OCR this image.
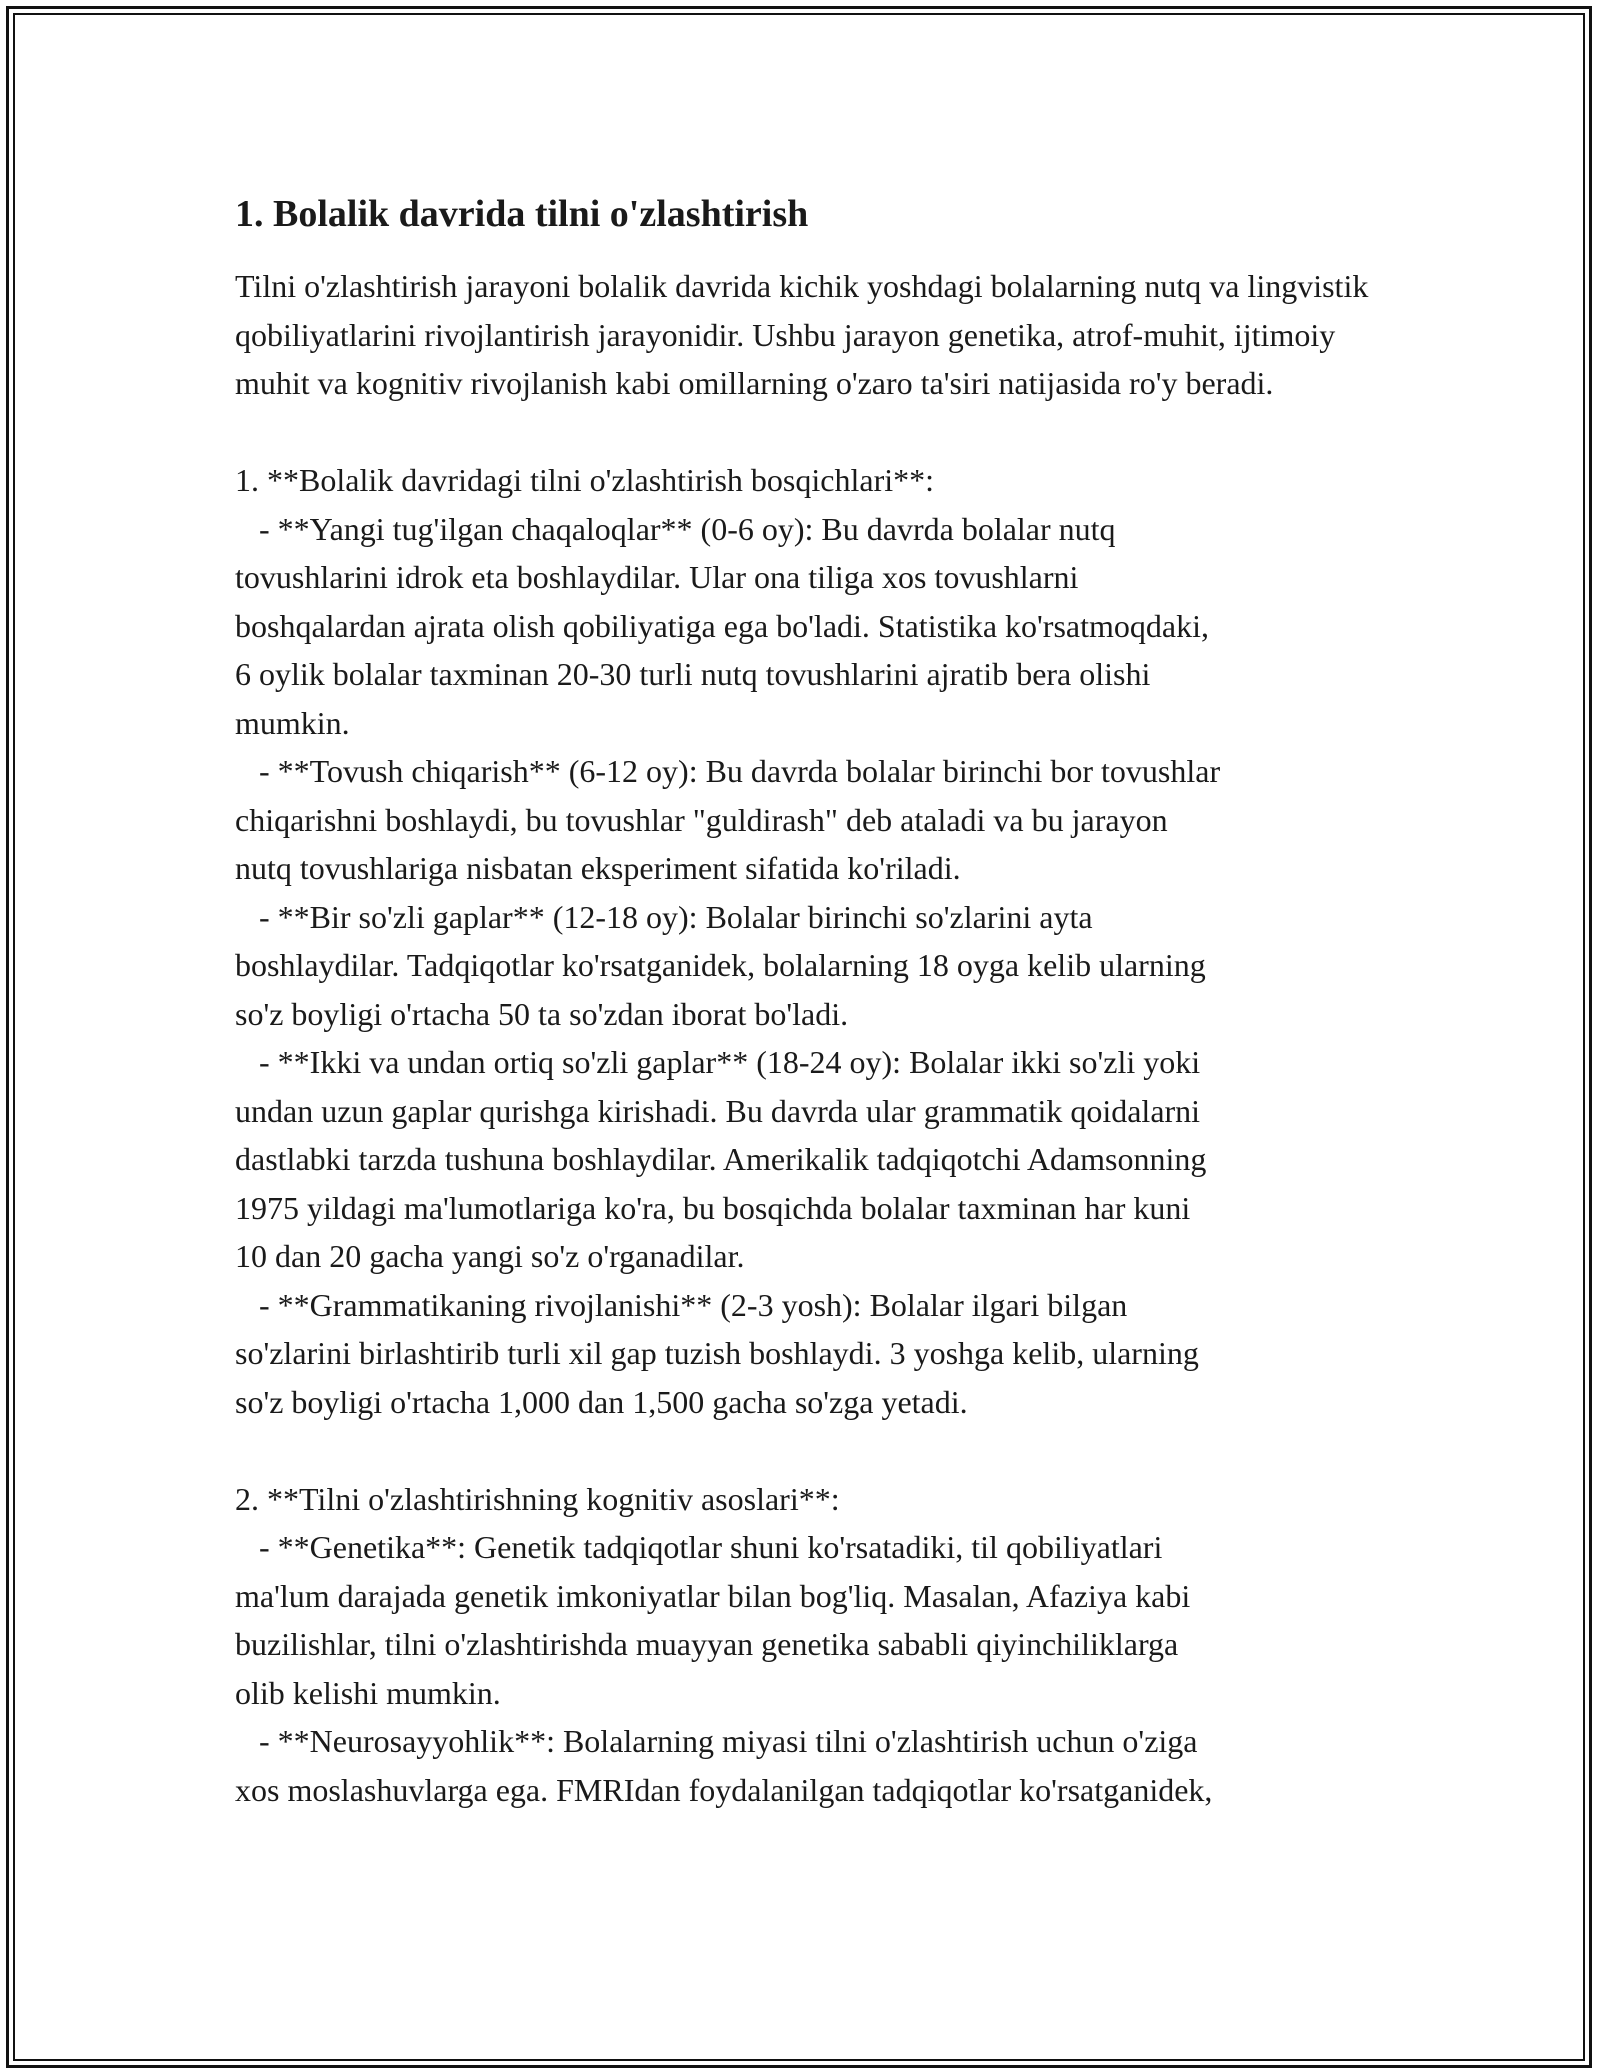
1. Bolalik davrida tilni o'zlashtirish

Tilni o'zlashtirish jarayoni bolalik davrida kichik yoshdagi bolalarning nutq va lingvistik qobiliyatlarini rivojlantirish jarayonidir. Ushbu jarayon genetika, atrof-muhit, ijtimoiy muhit va kognitiv rivojlanish kabi omillarning o'zaro ta'siri natijasida ro'y beradi.

1. **Bolalik davridagi tilni o'zlashtirish bosqichlari**:
- **Yangi tug'ilgan chaqaloqlar** (0-6 oy): Bu davrda bolalar nutq
tovushlarini idrok eta boshlaydilar. Ular ona tiliga xos tovushlarni
boshqalardan ajrata olish qobiliyatiga ega bo'ladi. Statistika ko'rsatmoqdaki,
6 oylik bolalar taxminan 20-30 turli nutq tovushlarini ajratib bera olishi
mumkin.
- **Tovush chiqarish** (6-12 oy): Bu davrda bolalar birinchi bor tovushlar
chiqarishni boshlaydi, bu tovushlar "guldirash" deb ataladi va bu jarayon
nutq tovushlariga nisbatan eksperiment sifatida ko'riladi.
- **Bir so'zli gaplar** (12-18 oy): Bolalar birinchi so'zlarini ayta
boshlaydilar. Tadqiqotlar ko'rsatganidek, bolalarning 18 oyga kelib ularning
so'z boyligi o'rtacha 50 ta so'zdan iborat bo'ladi.
- **Ikki va undan ortiq so'zli gaplar** (18-24 oy): Bolalar ikki so'zli yoki
undan uzun gaplar qurishga kirishadi. Bu davrda ular grammatik qoidalarni
dastlabki tarzda tushuna boshlaydilar. Amerikalik tadqiqotchi Adamsonning
1975 yildagi ma'lumotlariga ko'ra, bu bosqichda bolalar taxminan har kuni
10 dan 20 gacha yangi so'z o'rganadilar.
- **Grammatikaning rivojlanishi** (2-3 yosh): Bolalar ilgari bilgan
so'zlarini birlashtirib turli xil gap tuzish boshlaydi. 3 yoshga kelib, ularning
so'z boyligi o'rtacha 1,000 dan 1,500 gacha so'zga yetadi.
2. **Tilni o'zlashtirishning kognitiv asoslari**:
- **Genetika**: Genetik tadqiqotlar shuni ko'rsatadiki, til qobiliyatlari
ma'lum darajada genetik imkoniyatlar bilan bog'liq. Masalan, Afaziya kabi
buzilishlar, tilni o'zlashtirishda muayyan genetika sababli qiyinchiliklarga
olib kelishi mumkin.
- **Neurosayyohlik**: Bolalarning miyasi tilni o'zlashtirish uchun o'ziga
xos moslashuvlarga ega. FMRIdan foydalanilgan tadqiqotlar ko'rsatganidek,
